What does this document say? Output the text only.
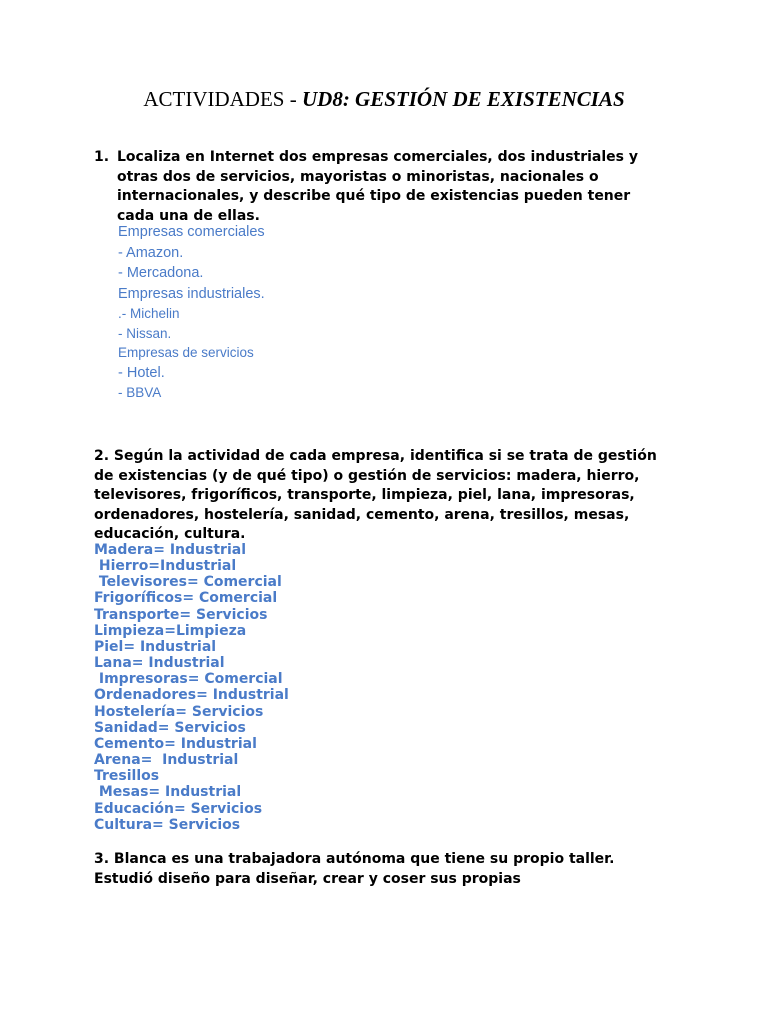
ACTIVIDADES - UD8: GESTIÓN DE EXISTENCIAS
1. Localiza en Internet dos empresas comerciales, dos industriales y otras dos de servicios, mayoristas o minoristas, nacionales o internacionales, y describe qué tipo de existencias pueden tener cada una de ellas.
Empresas comerciales
- Amazon.
- Mercadona.
Empresas industriales.
.- Michelin
- Nissan.
Empresas de servicios
- Hotel.
- BBVA
2. Según la actividad de cada empresa, identifica si se trata de gestión de existencias (y de qué tipo) o gestión de servicios: madera, hierro, televisores, frigoríficos, transporte, limpieza, piel, lana, impresoras, ordenadores, hostelería, sanidad, cemento, arena, tresillos, mesas, educación, cultura.
Madera= Industrial
Hierro=Industrial
Televisores= Comercial
Frigoríficos= Comercial
Transporte= Servicios
Limpieza=Limpieza
Piel= Industrial
Lana= Industrial
Impresoras= Comercial
Ordenadores= Industrial
Hostelería= Servicios
Sanidad= Servicios
Cemento= Industrial
Arena=  Industrial
Tresillos
Mesas= Industrial
Educación= Servicios
Cultura= Servicios
3. Blanca es una trabajadora autónoma que tiene su propio taller. Estudió diseño para diseñar, crear y coser sus propias
